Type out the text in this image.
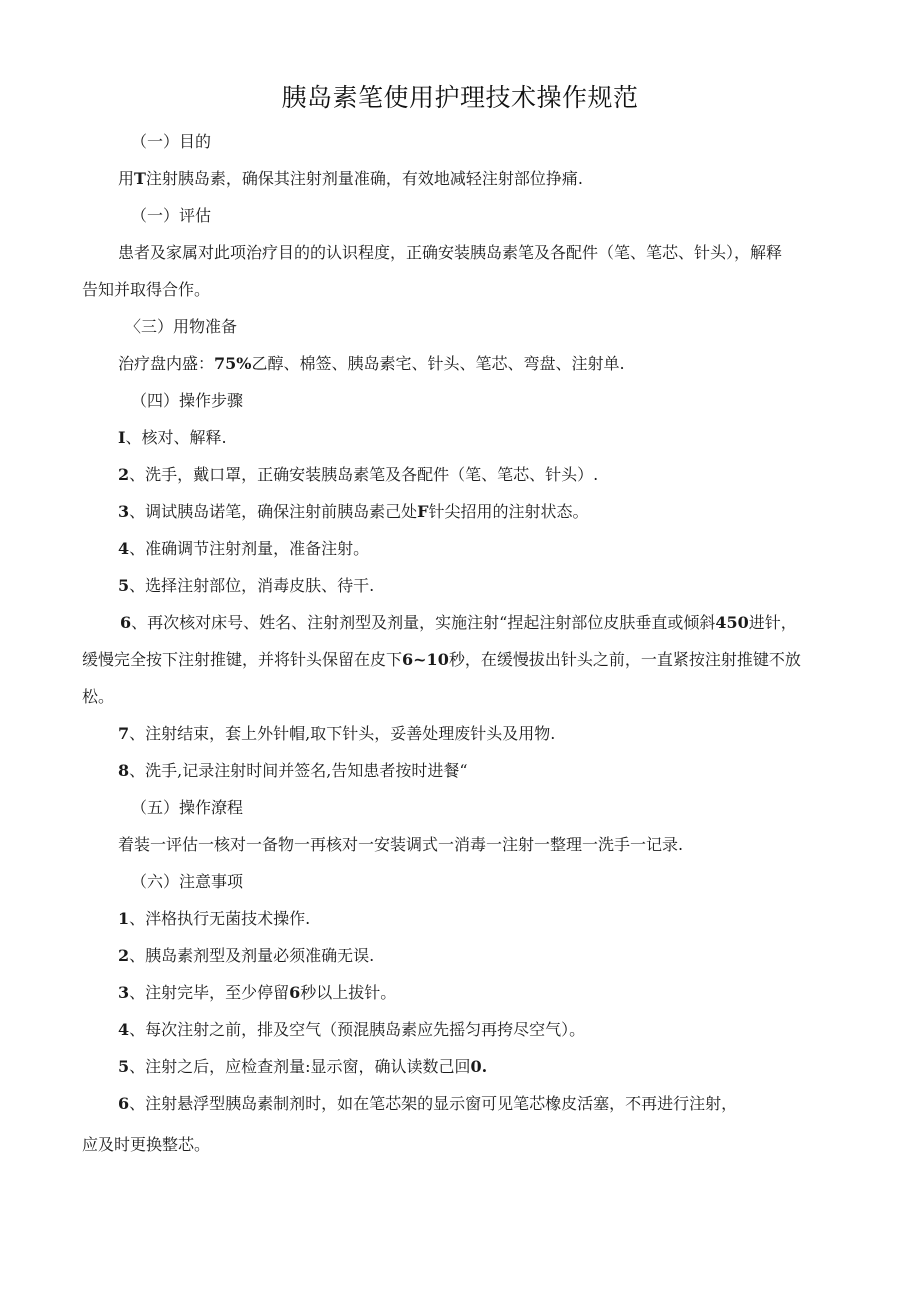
胰岛素笔使用护理技术操作规范
（一）目的
用T注射胰岛素，确保其注射剂量准确，有效地减轻注射部位挣痛.
（一）评估
患者及家属对此项治疗目的的认识程度，正确安装胰岛素笔及各配件（笔、笔芯、针头），解释
告知并取得合作。
〈三）用物准备
治疗盘内盛：75%乙醇、棉签、胰岛素宅、针头、笔芯、弯盘、注射单.
（四）操作步骤
I、核对、解释.
2、洗手，戴口罩，正确安装胰岛素笔及各配件（笔、笔芯、针头）.
3、调试胰岛诺笔，确保注射前胰岛素己处F针尖招用的注射状态。
4、准确调节注射剂量，准备注射。
5、选择注射部位，消毒皮肤、待干.
6、再次核对床号、姓名、注射剂型及剂量，实施注射“捏起注射部位皮肤垂直或倾斜450进针，
缓慢完全按下注射推键，并将针头保留在皮下6~10秒，在缓慢拔出针头之前，一直紧按注射推键不放
松。
7、注射结束，套上外针帽,取下针头，妥善处理废针头及用物.
8、洗手,记录注射时间并签名,告知患者按时进餐“
（五）操作潦程
着装一评估一核对一备物一再核对一安装调式一消毒一注射一整理一洗手一记录.
（六）注意事项
1、泮格执行无菌技术操作.
2、胰岛素剂型及剂量必须准确无误.
3、注射完毕，至少停留6秒以上拔针。
4、每次注射之前，排及空气（预混胰岛素应先摇匀再挎尽空气）。
5、注射之后，应检查剂量:显示窗，确认读数己回0.
6、注射悬浮型胰岛素制剂时，如在笔芯架的显示窗可见笔芯橡皮活塞，不再进行注射，
应及时更换整芯。
